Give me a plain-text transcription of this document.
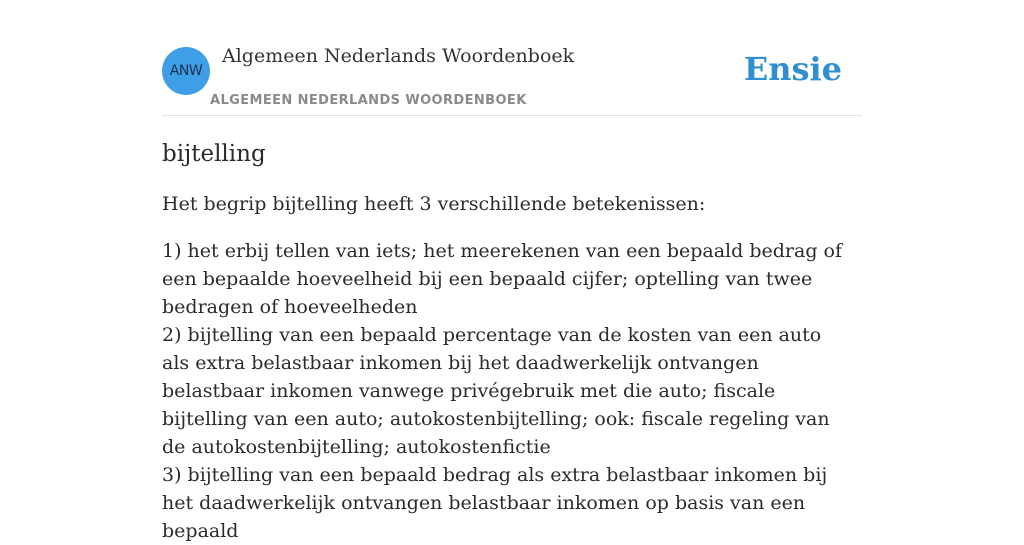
ANW
Algemeen Nederlands Woordenboek
ALGEMEEN NEDERLANDS WOORDENBOEK
Ensie
bijtelling

Het begrip bijtelling heeft 3 verschillende betekenissen:

1) het erbij tellen van iets; het meerekenen van een bepaald bedrag of een bepaalde hoeveelheid bij een bepaald cijfer; optelling van twee bedragen of hoeveelheden
2) bijtelling van een bepaald percentage van de kosten van een auto als extra belastbaar inkomen bij het daadwerkelijk ontvangen belastbaar inkomen vanwege privégebruik met die auto; fiscale bijtelling van een auto; autokostenbijtelling; ook: fiscale regeling van de autokostenbijtelling; autokostenfictie
3) bijtelling van een bepaald bedrag als extra belastbaar inkomen bij het daadwerkelijk ontvangen belastbaar inkomen op basis van een bepaald
